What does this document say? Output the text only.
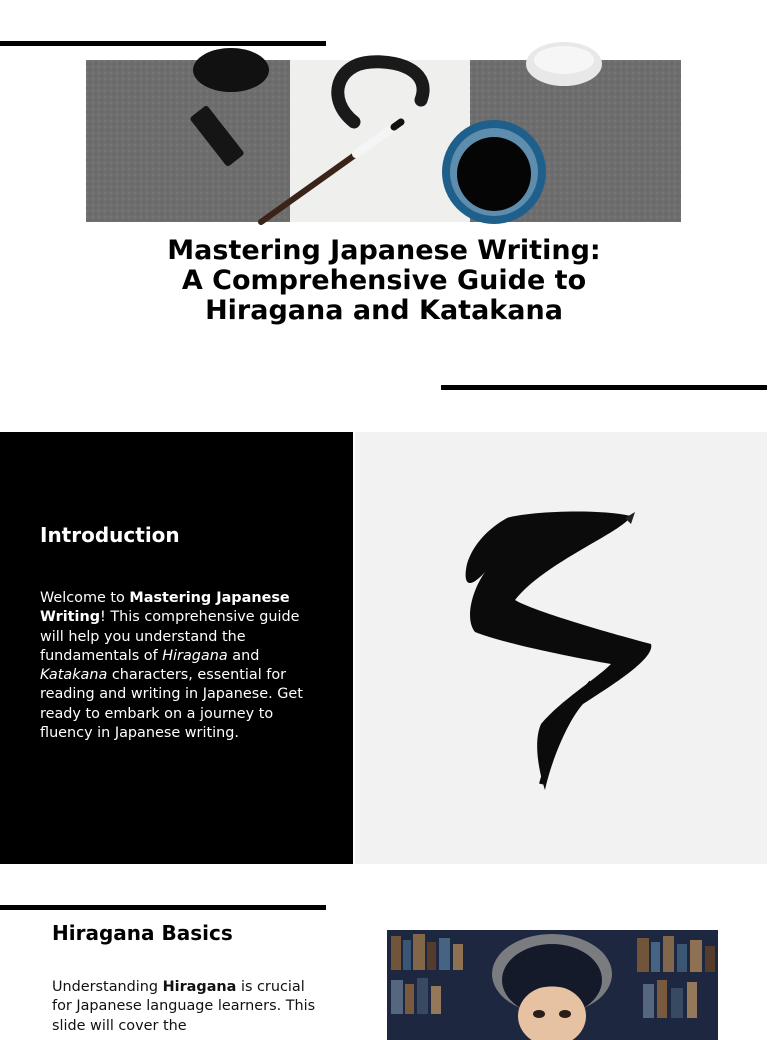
Mastering Japanese Writing:
A Comprehensive Guide to
Hiragana and Katakana
Introduction

Welcome to Mastering Japanese Writing! This comprehensive guide will help you understand the fundamentals of Hiragana and Katakana characters, essential for reading and writing in Japanese. Get ready to embark on a journey to fluency in Japanese writing.

Hiragana Basics

Understanding Hiragana is crucial for Japanese language learners. This slide will cover the
